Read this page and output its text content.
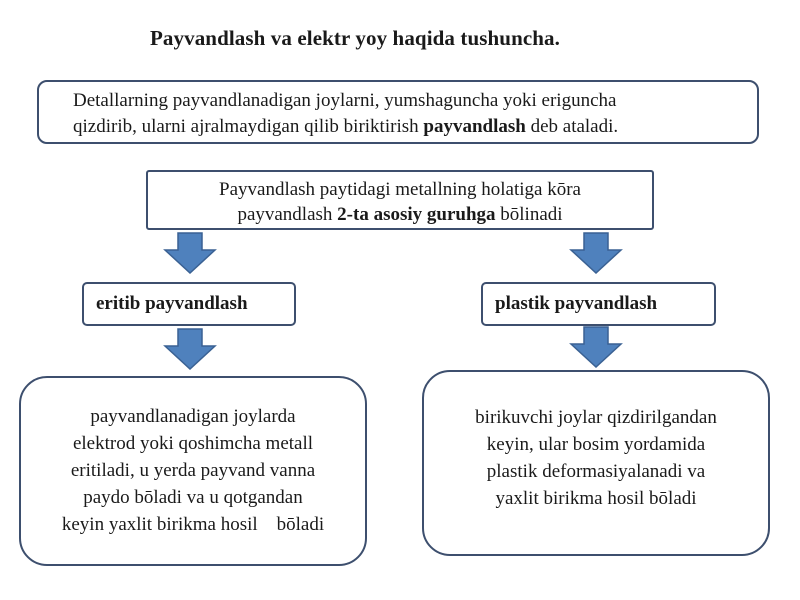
Payvandlash va elektr yoy haqida tushuncha.
Detallarning payvandlanadigan joylarni, yumshaguncha yoki eriguncha
qizdirib, ularni ajralmaydigan qilib biriktirish payvandlash deb ataladi.
Payvandlash paytidagi metallning holatiga kōra
payvandlash 2-ta asosiy guruhga bōlinadi
eritib payvandlash	plastik payvandlash
payvandlanadigan joylarda
elektrod yoki qoshimcha metall
eritiladi, u yerda payvand vanna
paydo bōladi va u qotgandan
keyin yaxlit birikma hosil    bōladi
birikuvchi joylar qizdirilgandan
keyin, ular bosim yordamida
plastik deformasiyalanadi va
yaxlit birikma hosil bōladi
